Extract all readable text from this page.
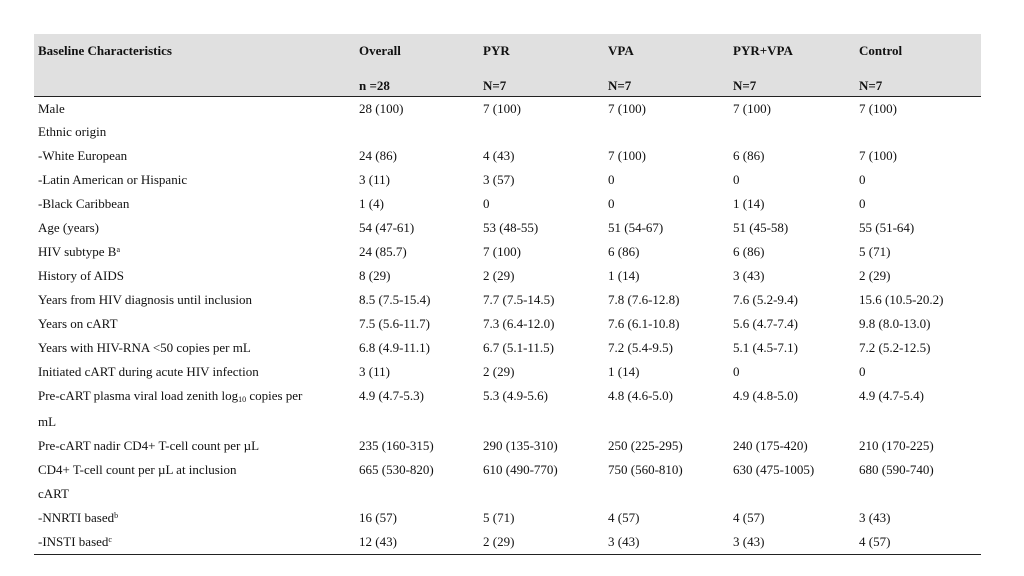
Baseline Characteristics	Overall	PYR	VPA	PYR+VPA	Control
	n =28	N=7	N=7	N=7	N=7
Male	28 (100)	7 (100)	7 (100)	7 (100)	7 (100)
Ethnic origin					
-White European	24 (86)	4 (43)	7 (100)	6 (86)	7 (100)
-Latin American or Hispanic	3 (11)	3 (57)	0	0	0
-Black Caribbean	1 (4)	0	0	1 (14)	0
Age (years)	54 (47-61)	53 (48-55)	51 (54-67)	51 (45-58)	55 (51-64)
HIV subtype $B^a$	24 (85.7)	7 (100)	6 (86)	6 (86)	5 (71)
History of AIDS	8 (29)	2 (29)	1 (14)	3 (43)	2 (29)
Years from HIV diagnosis until inclusion	8.5 (7.5-15.4)	7.7 (7.5-14.5)	7.8 (7.6-12.8)	7.6 (5.2-9.4)	15.6 (10.5-20.2)
Years on cART	7.5 (5.6-11.7)	7.3 (6.4-12.0)	7.6 (6.1-10.8)	5.6 (4.7-7.4)	9.8 (8.0-13.0)
Years with HIV-RNA <50 copies per mL	6.8 (4.9-11.1)	6.7 (5.1-11.5)	7.2 (5.4-9.5)	5.1 (4.5-7.1)	7.2 (5.2-12.5)
Initiated cART during acute HIV infection	3 (11)	2 (29)	1 (14)	0	0
Pre-cART plasma viral load zenith $\log_{10}$ copies per	4.9 (4.7-5.3)	5.3 (4.9-5.6)	4.8 (4.6-5.0)	4.9 (4.8-5.0)	4.9 (4.7-5.4)
mL					
Pre-cART nadir CD4+ T-cell count per µL	235 (160-315)	290 (135-310)	250 (225-295)	240 (175-420)	210 (170-225)
CD4+ T-cell count per µL at inclusion	665 (530-820)	610 (490-770)	750 (560-810)	630 (475-1005)	680 (590-740)
cART					
-NNRTI based$^b$	16 (57)	5 (71)	4 (57)	4 (57)	3 (43)
-INSTI based$^c$	12 (43)	2 (29)	3 (43)	3 (43)	4 (57)
